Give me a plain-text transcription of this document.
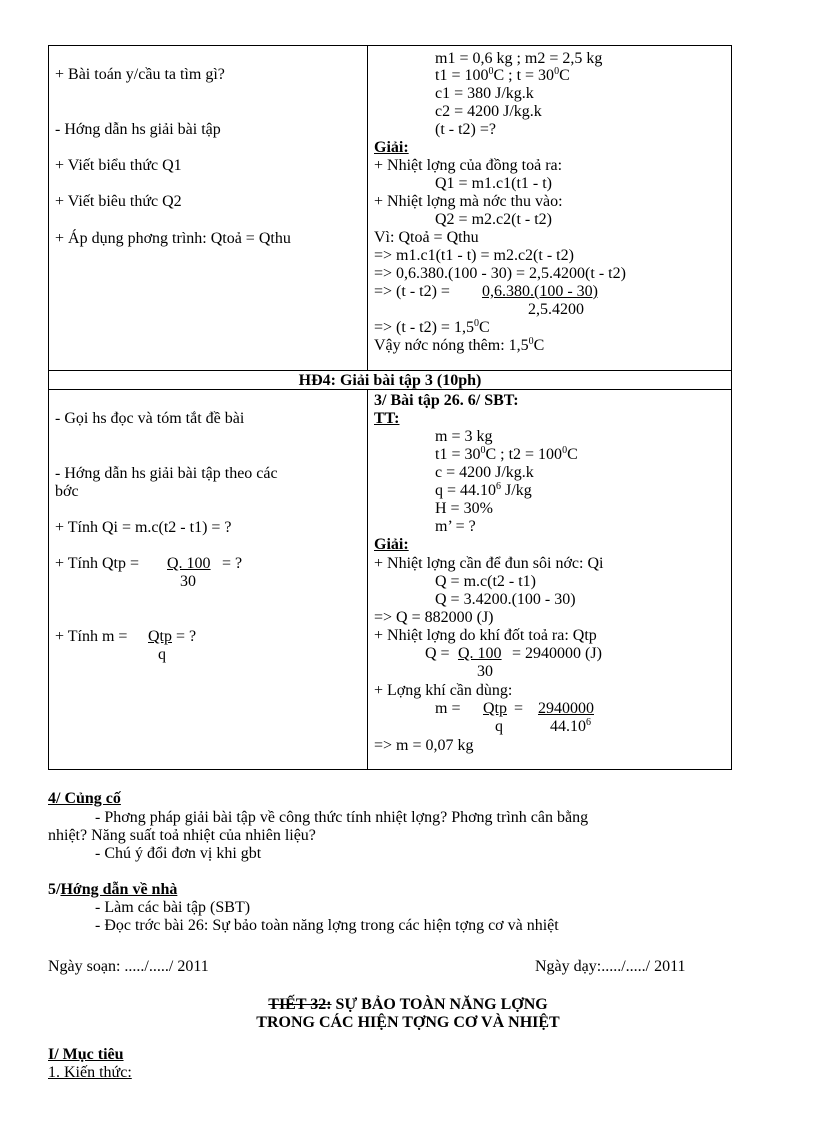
+ Bài toán y/cầu ta tìm gì?
- Hớng dẫn hs giải bài tập
+ Viết biểu thức Q1
+ Viết biêu thức Q2
+ Áp dụng phơng trình: Qtoả = Qthu
m1 = 0,6 kg ; m2 = 2,5 kg
$t1 = 100^0C$ ; $t = 30^0C$
c1 = 380 J/kg.k
c2 = 4200 J/kg.k
(t - t2) =?
Giải:
+ Nhiệt lợng của đồng toả ra:
Q1 = m1.c1(t1 - t)
+ Nhiệt lợng mà nớc thu vào:
Q2 = m2.c2(t - t2)
Vì: Qtoả = Qthu
=> m1.c1(t1 - t) = m2.c2(t - t2)
=> 0,6.380.(100 - 30) = 2,5.4200(t - t2)
=> (t - t2) = 0,6.380.(100 - 30)
2,5.4200
=> $(t - t2) = 1,5^0C$
Vậy nớc nóng thêm: $1,5^0C$
HĐ4: Giải bài tập 3 (10ph)
- Gọi hs đọc và tóm tắt đề bài
- Hớng dẫn hs giải bài tập theo các
bớc
+ Tính Qi = m.c(t2 - t1) = ?
+ Tính Qtp = Q. 100 = ?
30
+ Tính m = Qtp = ?
q
3/ Bài tập 26. 6/ SBT:
TT:
m = 3 kg
$t1 = 30^0C$ ; $t2 = 100^0C$
c = 4200 J/kg.k
$q = 44.10^6$ J/kg
H = 30%
m’ = ?
Giải:
+ Nhiệt lợng cần để đun sôi nớc: Qi
Q = m.c(t2 - t1)
Q = 3.4200.(100 - 30)
=> Q = 882000 (J)
+ Nhiệt lợng do khí đốt toả ra: Qtp
Q = Q. 100 = 2940000 (J)
30
+ Lợng khí cần dùng:
m = Qtp = 2940000
q	$44.10^6$
=> m = 0,07 kg
4/ Củng cố
- Phơng pháp giải bài tập về công thức tính nhiệt lợng? Phơng trình cân bằng
nhiệt? Năng suất toả nhiệt của nhiên liệu?
- Chú ý đổi đơn vị khi gbt
5/Hớng dẫn về nhà
- Làm các bài tập (SBT)
- Đọc trớc bài 26: Sự bảo toàn năng lợng trong các hiện tợng cơ và nhiệt
Ngày soạn: ...../...../ 2011	Ngày dạy:...../...../ 2011
TIẾT 32: SỰ BẢO TOÀN NĂNG LỢNG
TRONG CÁC HIỆN TỢNG CƠ VÀ NHIỆT
I/ Mục tiêu
1. Kiến thức:
